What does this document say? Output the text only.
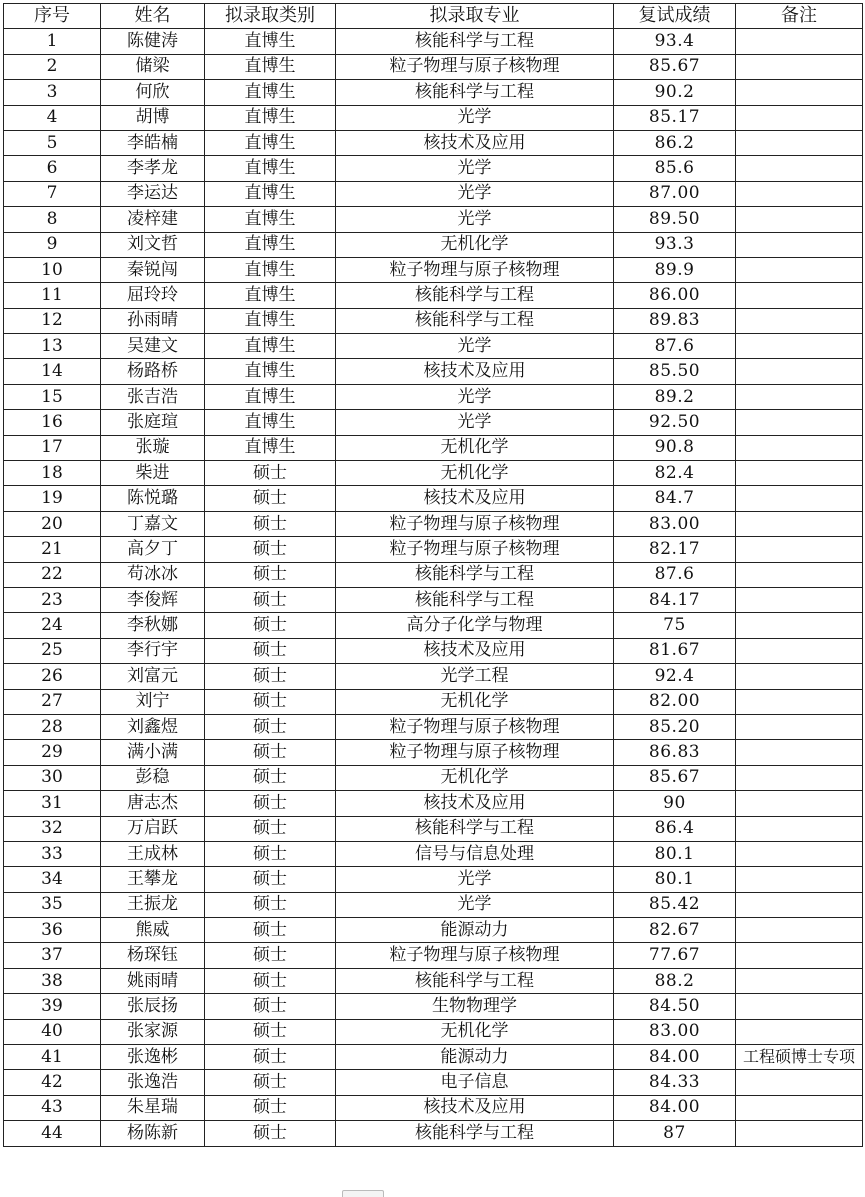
序号	姓名	拟录取类别	拟录取专业	复试成绩	备注
1	陈健涛	直博生	核能科学与工程	93.4	
2	储梁	直博生	粒子物理与原子核物理	85.67	
3	何欣	直博生	核能科学与工程	90.2	
4	胡博	直博生	光学	85.17	
5	李皓楠	直博生	核技术及应用	86.2	
6	李孝龙	直博生	光学	85.6	
7	李运达	直博生	光学	87.00	
8	凌梓建	直博生	光学	89.50	
9	刘文哲	直博生	无机化学	93.3	
10	秦锐闯	直博生	粒子物理与原子核物理	89.9	
11	屈玲玲	直博生	核能科学与工程	86.00	
12	孙雨晴	直博生	核能科学与工程	89.83	
13	吴建文	直博生	光学	87.6	
14	杨路桥	直博生	核技术及应用	85.50	
15	张吉浩	直博生	光学	89.2	
16	张庭瑄	直博生	光学	92.50	
17	张璇	直博生	无机化学	90.8	
18	柴进	硕士	无机化学	82.4	
19	陈悦璐	硕士	核技术及应用	84.7	
20	丁嘉文	硕士	粒子物理与原子核物理	83.00	
21	高夕丁	硕士	粒子物理与原子核物理	82.17	
22	苟冰冰	硕士	核能科学与工程	87.6	
23	李俊辉	硕士	核能科学与工程	84.17	
24	李秋娜	硕士	高分子化学与物理	75	
25	李行宇	硕士	核技术及应用	81.67	
26	刘富元	硕士	光学工程	92.4	
27	刘宁	硕士	无机化学	82.00	
28	刘鑫煜	硕士	粒子物理与原子核物理	85.20	
29	满小满	硕士	粒子物理与原子核物理	86.83	
30	彭稳	硕士	无机化学	85.67	
31	唐志杰	硕士	核技术及应用	90	
32	万启跃	硕士	核能科学与工程	86.4	
33	王成林	硕士	信号与信息处理	80.1	
34	王攀龙	硕士	光学	80.1	
35	王振龙	硕士	光学	85.42	
36	熊威	硕士	能源动力	82.67	
37	杨琛钰	硕士	粒子物理与原子核物理	77.67	
38	姚雨晴	硕士	核能科学与工程	88.2	
39	张辰扬	硕士	生物物理学	84.50	
40	张家源	硕士	无机化学	83.00	
41	张逸彬	硕士	能源动力	84.00	工程硕博士专项
42	张逸浩	硕士	电子信息	84.33	
43	朱星瑞	硕士	核技术及应用	84.00	
44	杨陈新	硕士	核能科学与工程	87	
